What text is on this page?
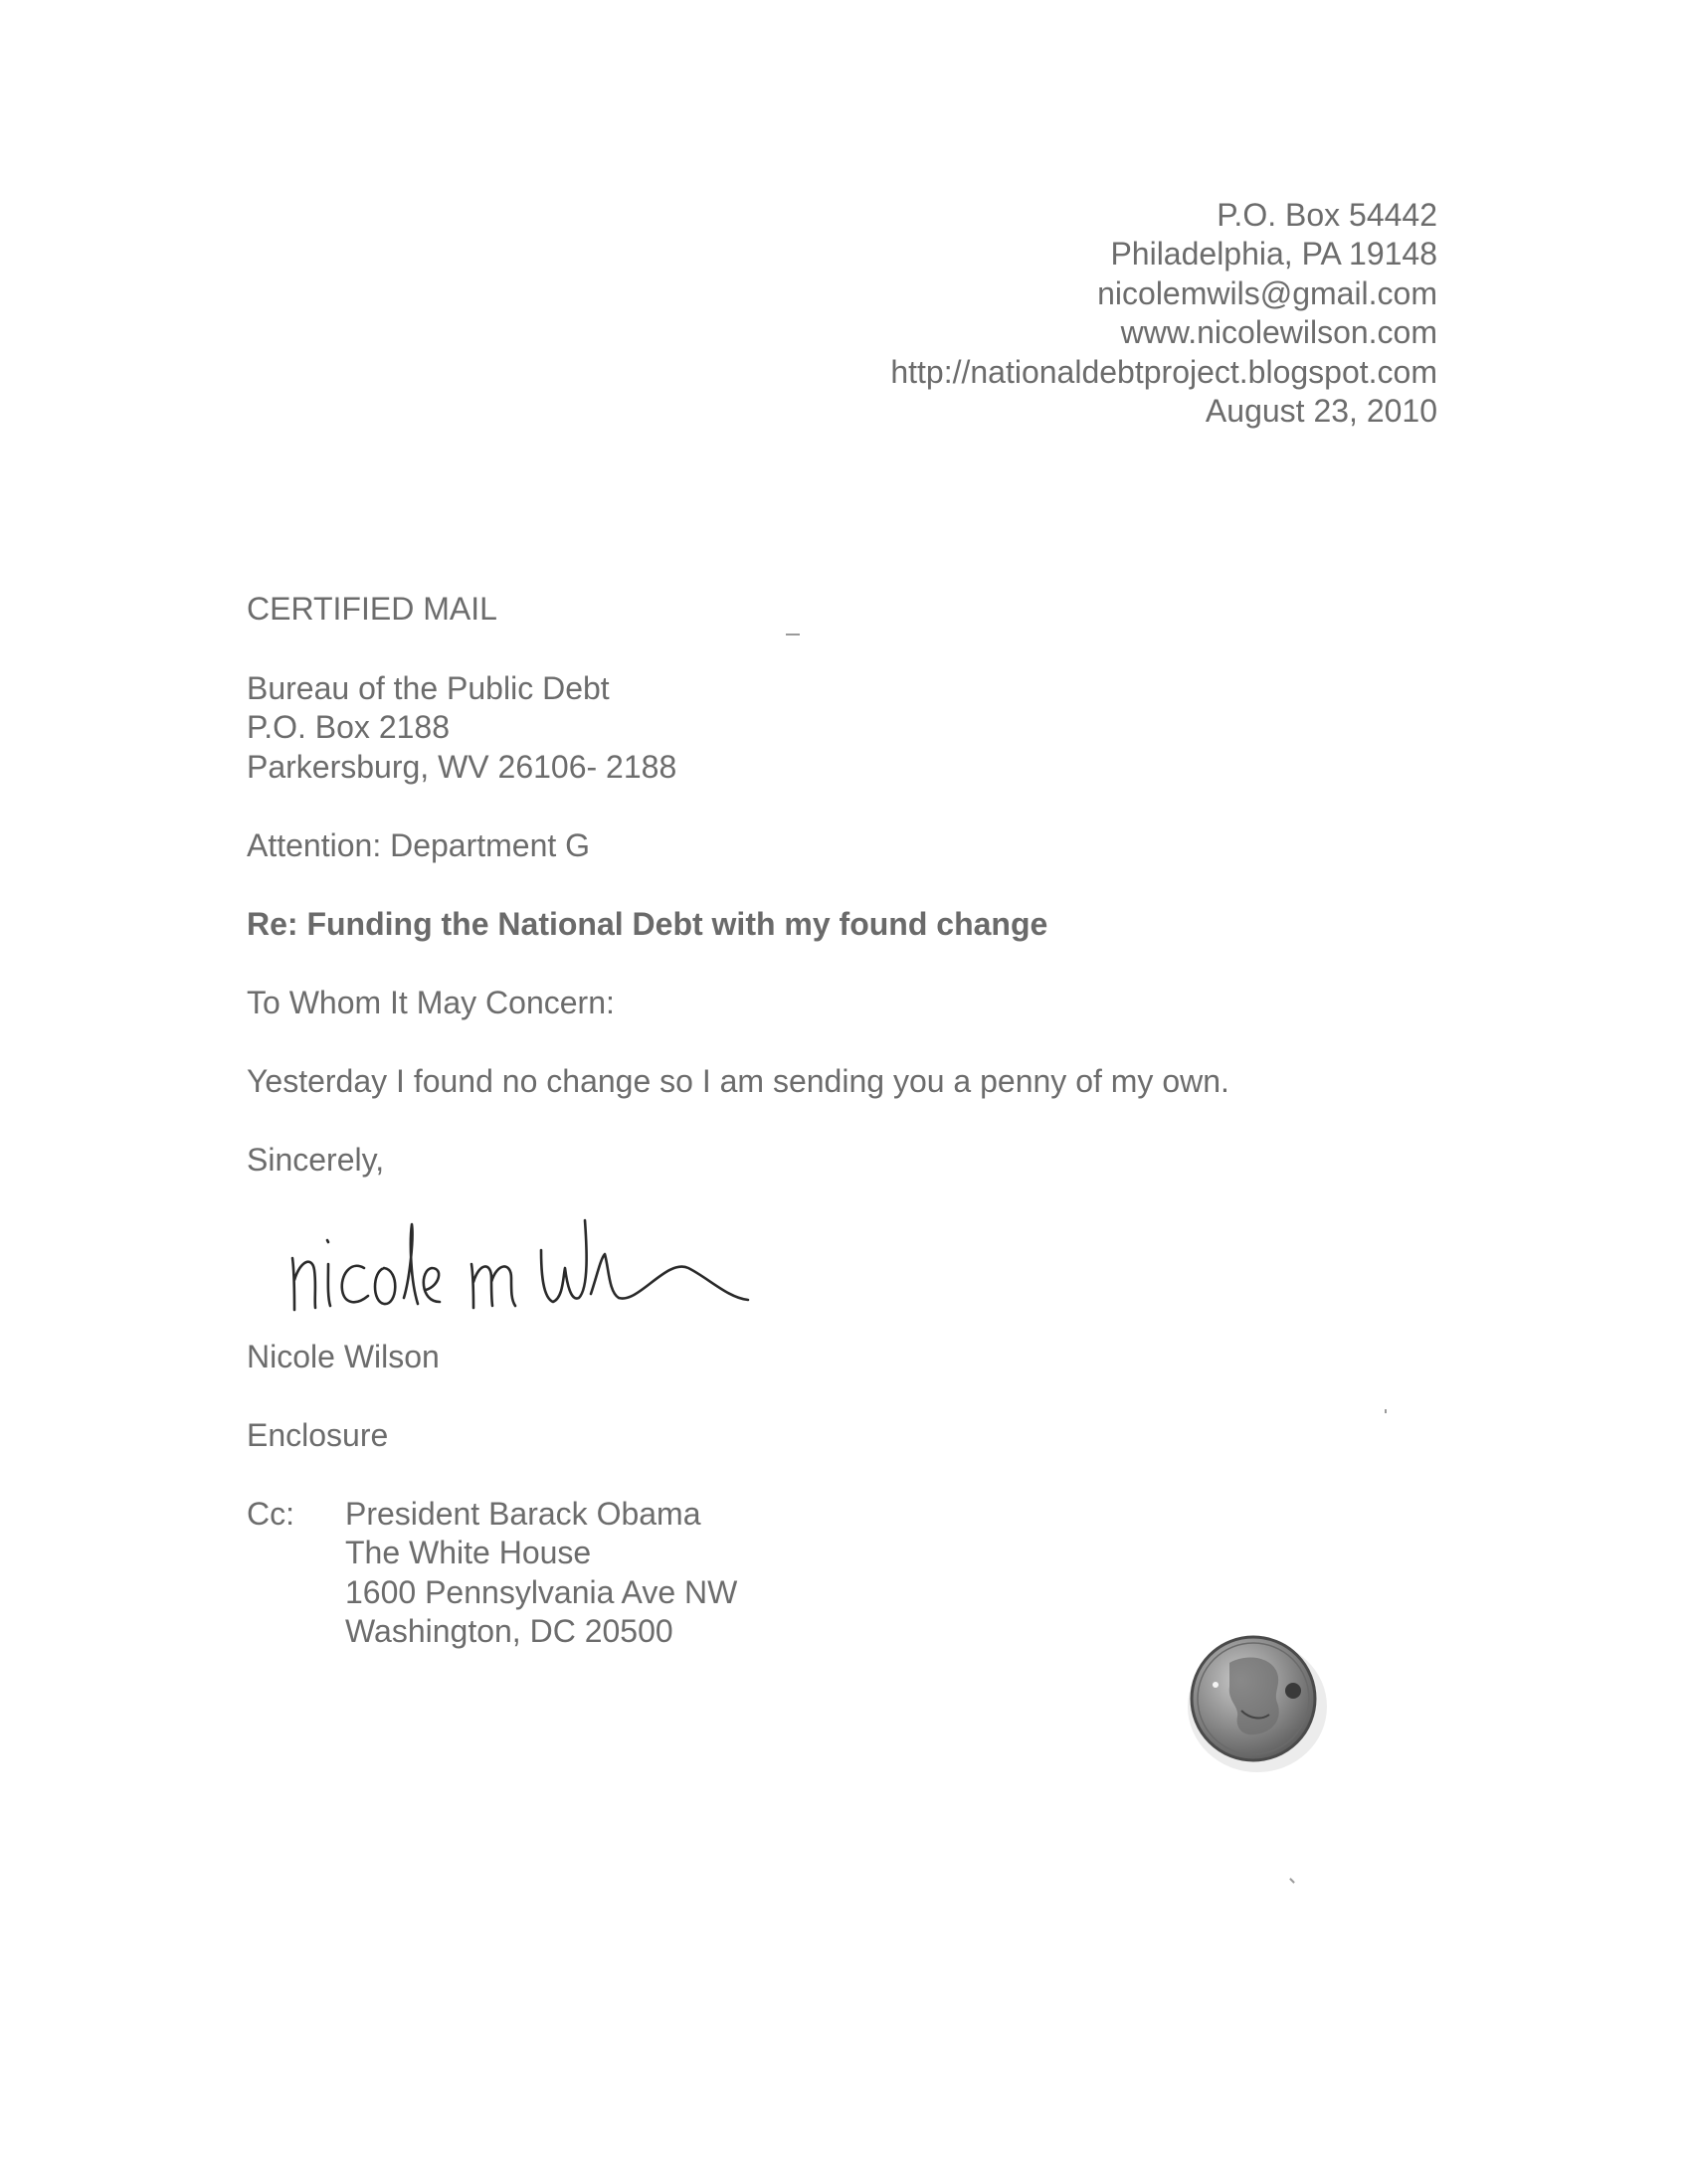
P.O. Box 54442
Philadelphia, PA 19148
nicolemwils@gmail.com
www.nicolewilson.com
http://nationaldebtproject.blogspot.com
August 23, 2010
CERTIFIED MAIL
Bureau of the Public Debt
P.O. Box 2188
Parkersburg, WV 26106- 2188
Attention: Department G
Re: Funding the National Debt with my found change
To Whom It May Concern:
Yesterday I found no change so I am sending you a penny of my own.
Sincerely,
Nicole Wilson
Enclosure
Cc: President Barack Obama
The White House
1600 Pennsylvania Ave NW
Washington, DC 20500
